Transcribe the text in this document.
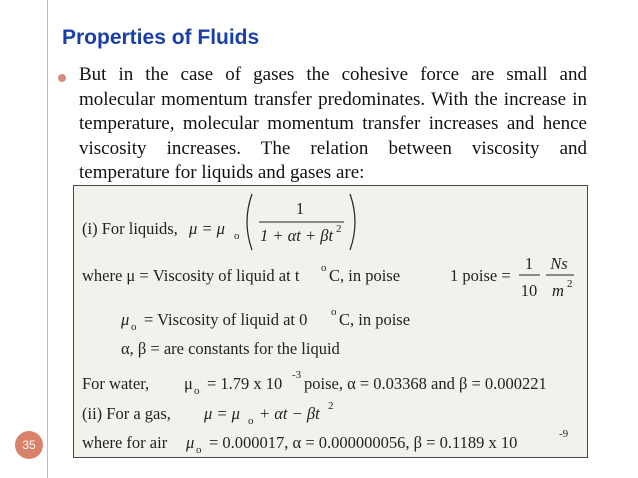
Properties of Fluids
But in the case of gases the cohesive force are small and molecular momentum transfer predominates. With the increase in temperature, molecular momentum transfer increases and hence viscosity increases. The relation between viscosity and temperature for liquids and gases are:
(i) For liquids, μ = μ o
1
1 + αt + βt 2
where μ = Viscosity of liquid at t o C, in poise	1 poise =
1
10
Ns
m 2
μ o = Viscosity of liquid at 0 o C, in poise
α, β = are constants for the liquid
For water, μ o = 1.79 x 10 -3 poise, α = 0.03368 and β = 0.000221
(ii) For a gas, μ = μ o + αt − βt 2
where for air μ o = 0.000017, α = 0.000000056, β = 0.1189 x 10	-9
35
